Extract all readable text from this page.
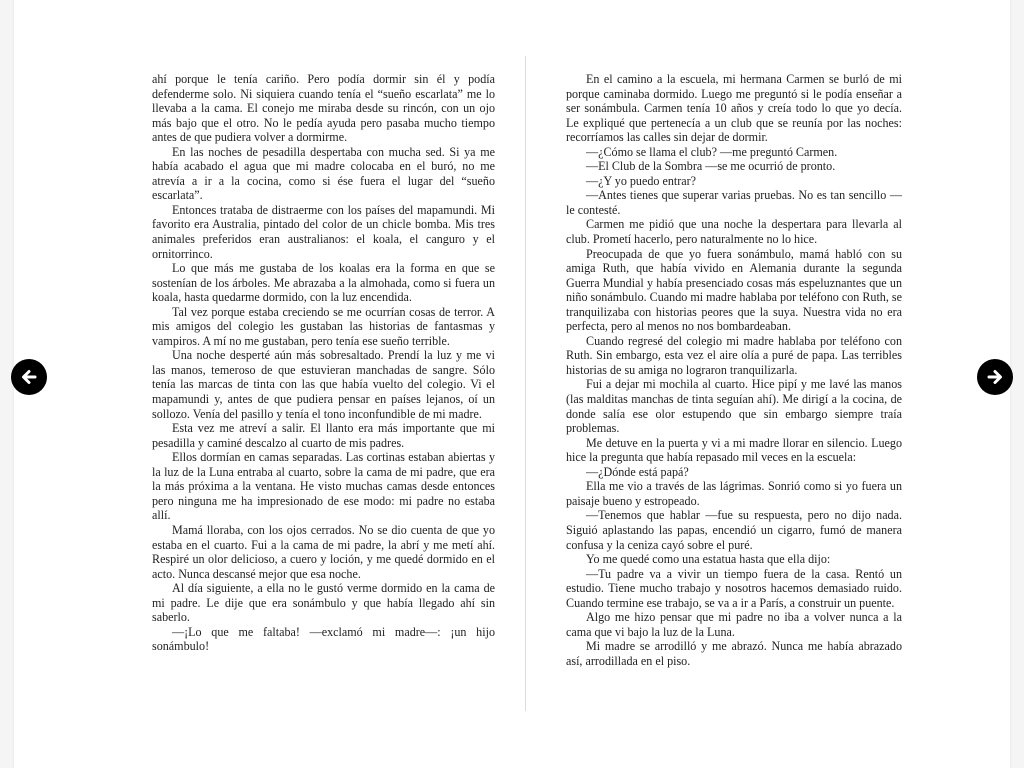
ahí porque le tenía cariño. Pero podía dormir sin él y podía defenderme solo. Ni siquiera cuando tenía el “sueño escarlata” me lo llevaba a la cama. El conejo me miraba desde su rincón, con un ojo más bajo que el otro. No le pedía ayuda pero pasaba mucho tiempo antes de que pudiera volver a dormirme.

En las noches de pesadilla despertaba con mucha sed. Si ya me había acabado el agua que mi madre colocaba en el buró, no me atrevía a ir a la cocina, como si ése fuera el lugar del “sueño escarlata”.

Entonces trataba de distraerme con los países del mapamundi. Mi favorito era Australia, pintado del color de un chicle bomba. Mis tres animales preferidos eran australianos: el koala, el canguro y el ornitorrinco.

Lo que más me gustaba de los koalas era la forma en que se sostenían de los árboles. Me abrazaba a la almohada, como si fuera un koala, hasta quedarme dormido, con la luz encendida.

Tal vez porque estaba creciendo se me ocurrían cosas de terror. A mis amigos del colegio les gustaban las historias de fantasmas y vampiros. A mí no me gustaban, pero tenía ese sueño terrible.

Una noche desperté aún más sobresaltado. Prendí la luz y me vi las manos, temeroso de que estuvieran manchadas de sangre. Sólo tenía las marcas de tinta con las que había vuelto del colegio. Vi el mapamundi y, antes de que pudiera pensar en países lejanos, oí un sollozo. Venía del pasillo y tenía el tono inconfundible de mi madre.

Esta vez me atreví a salir. El llanto era más importante que mi pesadilla y caminé descalzo al cuarto de mis padres.

Ellos dormían en camas separadas. Las cortinas estaban abiertas y la luz de la Luna entraba al cuarto, sobre la cama de mi padre, que era la más próxima a la ventana. He visto muchas camas desde entonces pero ninguna me ha impresionado de ese modo: mi padre no estaba allí.

Mamá lloraba, con los ojos cerrados. No se dio cuenta de que yo estaba en el cuarto. Fui a la cama de mi padre, la abrí y me metí ahí. Respiré un olor delicioso, a cuero y loción, y me quedé dormido en el acto. Nunca descansé mejor que esa noche.

Al día siguiente, a ella no le gustó verme dormido en la cama de mi padre. Le dije que era sonámbulo y que había llegado ahí sin saberlo.

—¡Lo que me faltaba! —exclamó mi madre—: ¡un hijo sonámbulo!

En el camino a la escuela, mi hermana Carmen se burló de mi porque caminaba dormido. Luego me preguntó si le podía enseñar a ser sonámbula. Carmen tenía 10 años y creía todo lo que yo decía. Le expliqué que pertenecía a un club que se reunía por las noches: recorríamos las calles sin dejar de dormir.

—¿Cómo se llama el club? —me preguntó Carmen.

—El Club de la Sombra —se me ocurrió de pronto.

—¿Y yo puedo entrar?

—Antes tienes que superar varias pruebas. No es tan sencillo —le contesté.

Carmen me pidió que una noche la despertara para llevarla al club. Prometí hacerlo, pero naturalmente no lo hice.

Preocupada de que yo fuera sonámbulo, mamá habló con su amiga Ruth, que había vivido en Alemania durante la segunda Guerra Mundial y había presenciado cosas más espeluznantes que un niño sonámbulo. Cuando mi madre hablaba por teléfono con Ruth, se tranquilizaba con historias peores que la suya. Nuestra vida no era perfecta, pero al menos no nos bombardeaban.

Cuando regresé del colegio mi madre hablaba por teléfono con Ruth. Sin embargo, esta vez el aire olía a puré de papa. Las terribles historias de su amiga no lograron tranquilizarla.

Fui a dejar mi mochila al cuarto. Hice pipí y me lavé las manos (las malditas manchas de tinta seguían ahí). Me dirigí a la cocina, de donde salía ese olor estupendo que sin embargo siempre traía problemas.

Me detuve en la puerta y vi a mi madre llorar en silencio. Luego hice la pregunta que había repasado mil veces en la escuela:

—¿Dónde está papá?

Ella me vio a través de las lágrimas. Sonrió como si yo fuera un paisaje bueno y estropeado.

—Tenemos que hablar —fue su respuesta, pero no dijo nada. Siguió aplastando las papas, encendió un cigarro, fumó de manera confusa y la ceniza cayó sobre el puré.

Yo me quedé como una estatua hasta que ella dijo:

—Tu padre va a vivir un tiempo fuera de la casa. Rentó un estudio. Tiene mucho trabajo y nosotros hacemos demasiado ruido. Cuando termine ese trabajo, se va a ir a París, a construir un puente.

Algo me hizo pensar que mi padre no iba a volver nunca a la cama que vi bajo la luz de la Luna.

Mi madre se arrodilló y me abrazó. Nunca me había abrazado así, arrodillada en el piso.
